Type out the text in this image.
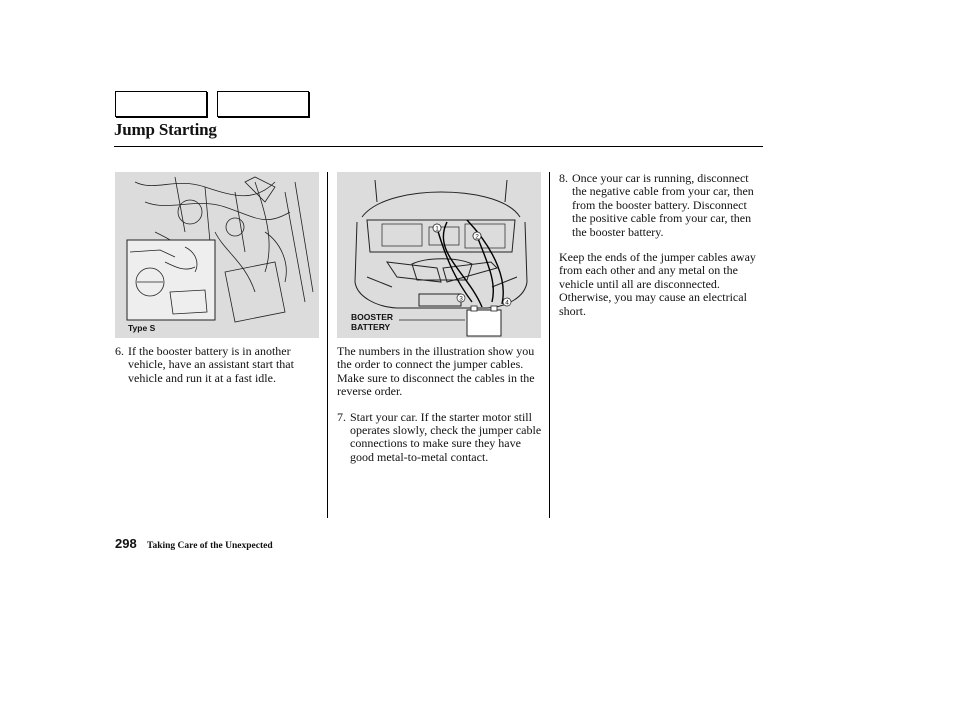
Jump Starting
Type S
1
2
3
4
BOOSTER
BATTERY
6. If the booster battery is in another vehicle, have an assistant start that vehicle and run it at a fast idle.
The numbers in the illustration show you the order to connect the jumper cables. Make sure to disconnect the cables in the reverse order.
7. Start your car. If the starter motor still operates slowly, check the jumper cable connections to make sure they have good metal-to-metal contact.
8. Once your car is running, disconnect the negative cable from your car, then from the booster battery. Disconnect the positive cable from your car, then the booster battery.
Keep the ends of the jumper cables away from each other and any metal on the vehicle until all are disconnected. Otherwise, you may cause an electrical short.
298 Taking Care of the Unexpected
